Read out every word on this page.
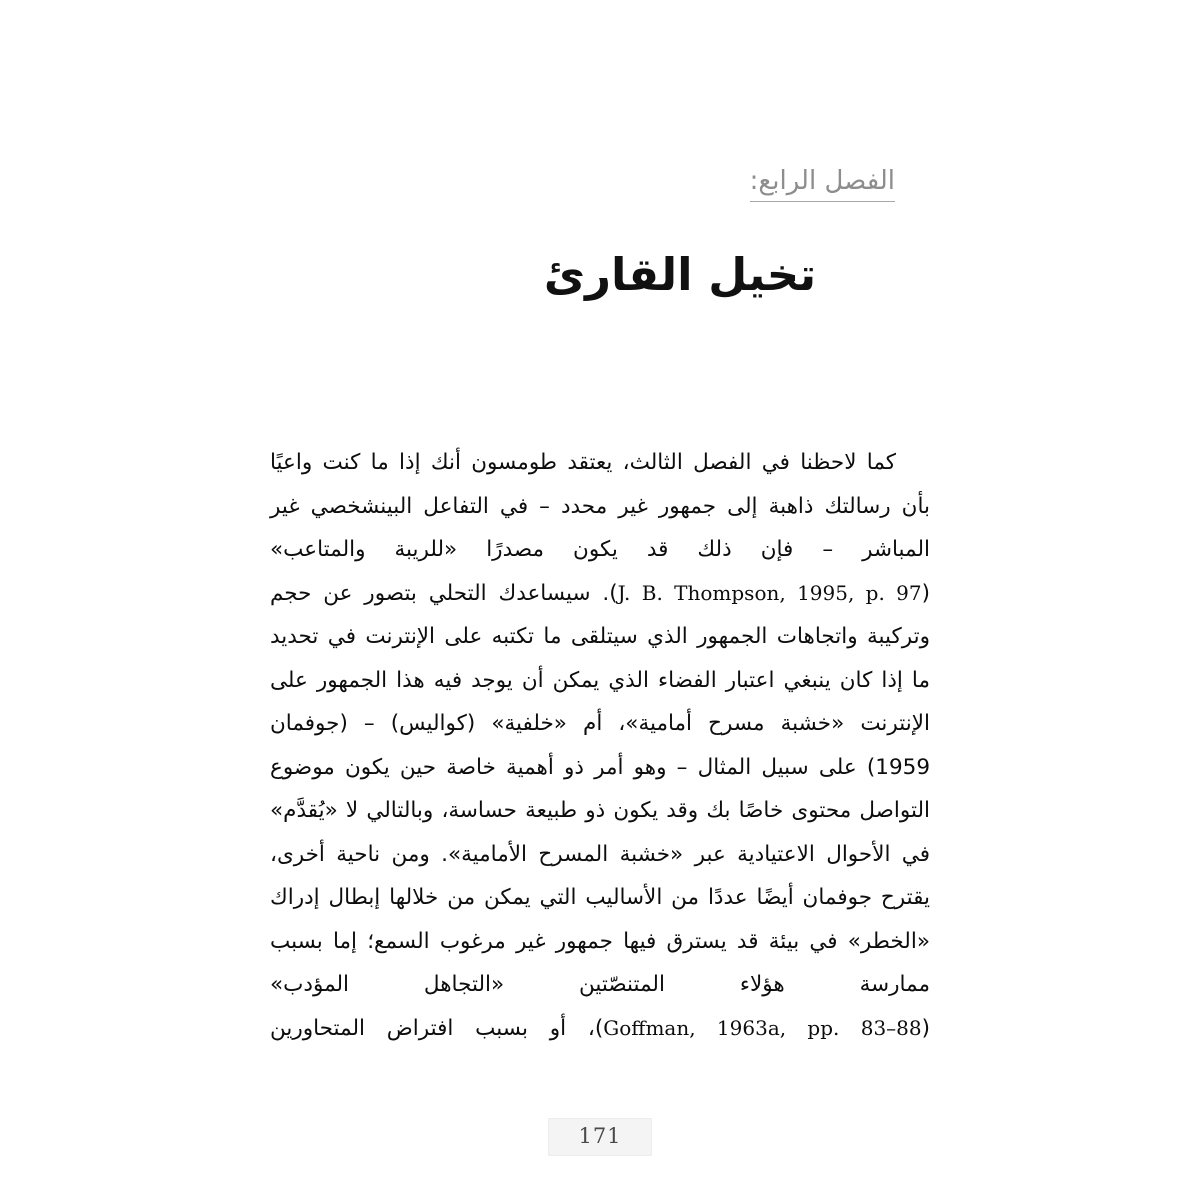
الفصل الرابع:
تخيل القارئ

كما لاحظنا في الفصل الثالث، يعتقد طومسون أنك إذا ما كنت واعيًا بأن رسالتك ذاهبة إلى جمهور غير محدد – في التفاعل البينشخصي غير المباشر – فإن ذلك قد يكون مصدرًا «للريبة والمتاعب» (J. B. Thompson, 1995, p. 97). سيساعدك التحلي بتصور عن حجم وتركيبة واتجاهات الجمهور الذي سيتلقى ما تكتبه على الإنترنت في تحديد ما إذا كان ينبغي اعتبار الفضاء الذي يمكن أن يوجد فيه هذا الجمهور على الإنترنت «خشبة مسرح أمامية»، أم «خلفية» (كواليس) – (جوفمان 1959) على سبيل المثال – وهو أمر ذو أهمية خاصة حين يكون موضوع التواصل محتوى خاصًا بك وقد يكون ذو طبيعة حساسة، وبالتالي لا «يُقدَّم» في الأحوال الاعتيادية عبر «خشبة المسرح الأمامية». ومن ناحية أخرى، يقترح جوفمان أيضًا عددًا من الأساليب التي يمكن من خلالها إبطال إدراك «الخطر» في بيئة قد يسترق فيها جمهور غير مرغوب السمع؛ إما بسبب ممارسة هؤلاء المتنصّتين «التجاهل المؤدب» (Goffman, 1963a, pp. 83–88)، أو بسبب افتراض المتحاورين

171
